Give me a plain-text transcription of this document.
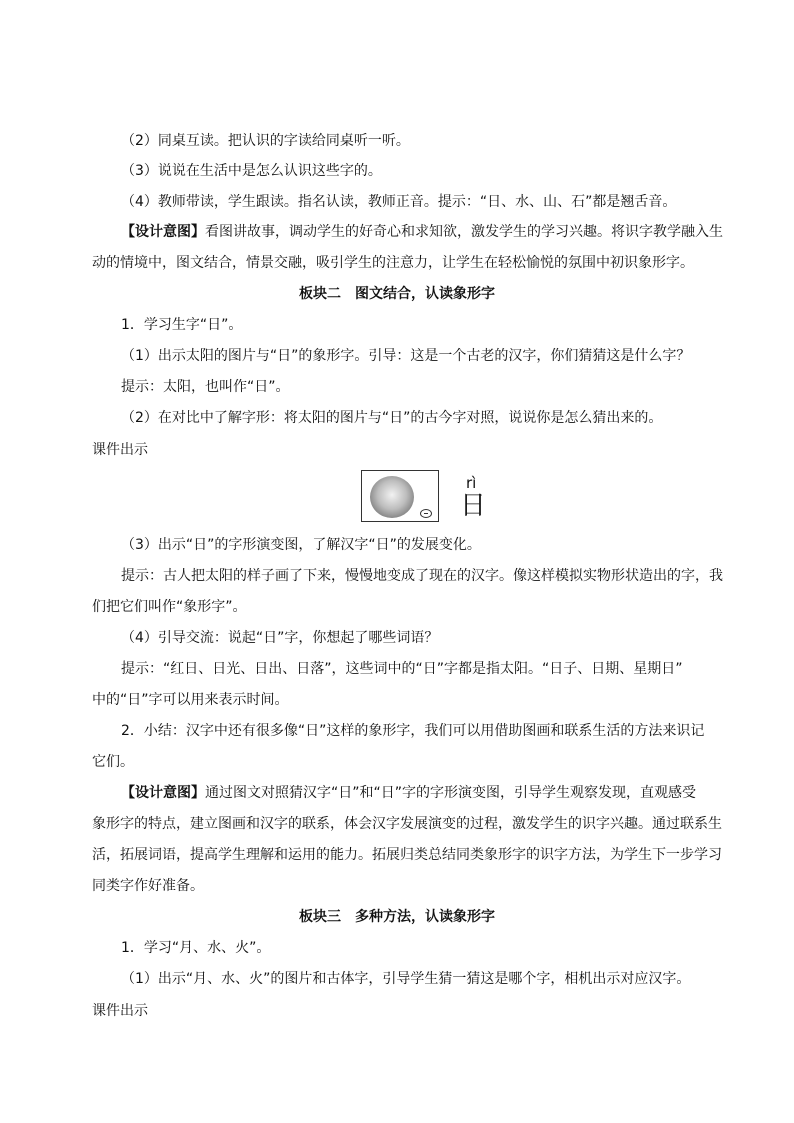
（2）同桌互读。把认识的字读给同桌听一听。
（3）说说在生活中是怎么认识这些字的。
（4）教师带读，学生跟读。指名认读，教师正音。提示：“日、水、山、石”都是翘舌音。
【设计意图】看图讲故事，调动学生的好奇心和求知欲，激发学生的学习兴趣。将识字教学融入生
动的情境中，图文结合，情景交融，吸引学生的注意力，让学生在轻松愉悦的氛围中初识象形字。
板块二　图文结合，认读象形字
1．学习生字“日”。
（1）出示太阳的图片与“日”的象形字。引导：这是一个古老的汉字，你们猜猜这是什么字？
提示：太阳，也叫作“日”。
（2）在对比中了解字形：将太阳的图片与“日”的古今字对照，说说你是怎么猜出来的。
课件出示
rì
日
（3）出示“日”的字形演变图，了解汉字“日”的发展变化。
提示：古人把太阳的样子画了下来，慢慢地变成了现在的汉字。像这样模拟实物形状造出的字，我
们把它们叫作“象形字”。
（4）引导交流：说起“日”字，你想起了哪些词语？
提示：“红日、日光、日出、日落”，这些词中的“日”字都是指太阳。“日子、日期、星期日”
中的“日”字可以用来表示时间。
2．小结：汉字中还有很多像“日”这样的象形字，我们可以用借助图画和联系生活的方法来识记
它们。
【设计意图】通过图文对照猜汉字“日”和“日”字的字形演变图，引导学生观察发现，直观感受
象形字的特点，建立图画和汉字的联系，体会汉字发展演变的过程，激发学生的识字兴趣。通过联系生
活，拓展词语，提高学生理解和运用的能力。拓展归类总结同类象形字的识字方法，为学生下一步学习
同类字作好准备。
板块三　多种方法，认读象形字
1．学习“月、水、火”。
（1）出示“月、水、火”的图片和古体字，引导学生猜一猜这是哪个字，相机出示对应汉字。
课件出示
